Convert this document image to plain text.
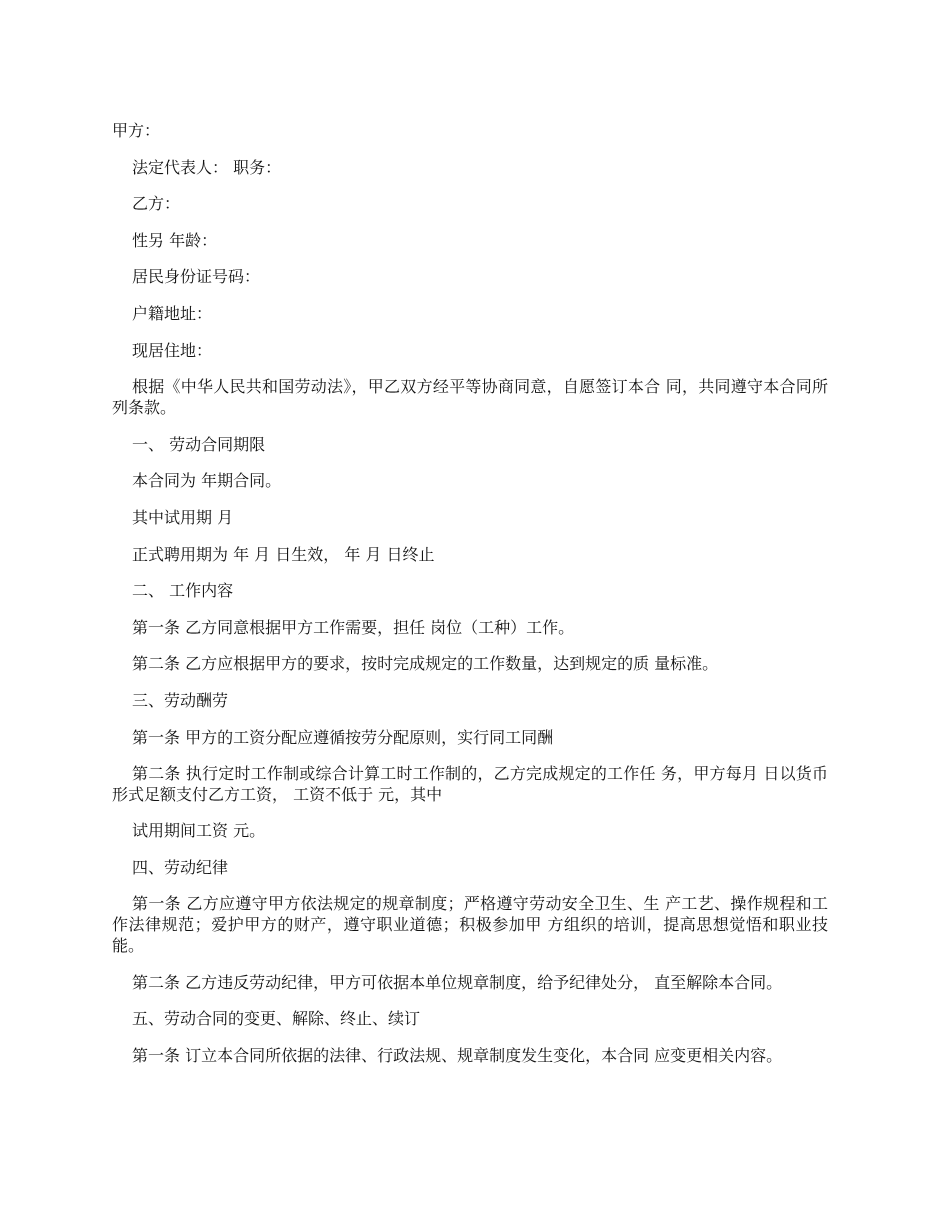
甲方：

法定代表人： 职务：

乙方：

性另 年龄：

居民身份证号码：

户籍地址：

现居住地：

根据《中华人民共和国劳动法》，甲乙双方经平等协商同意，自愿签订本合 同，共同遵守本合同所列条款。

一、 劳动合同期限

本合同为 年期合同。

其中试用期 月

正式聘用期为 年 月 日生效， 年 月 日终止

二、 工作内容

第一条 乙方同意根据甲方工作需要，担任 岗位（工种）工作。

第二条 乙方应根据甲方的要求，按时完成规定的工作数量，达到规定的质 量标准。

三、劳动酬劳

第一条 甲方的工资分配应遵循按劳分配原则，实行同工同酬

第二条 执行定时工作制或综合计算工时工作制的，乙方完成规定的工作任 务，甲方每月 日以货币形式足额支付乙方工资， 工资不低于 元，其中

试用期间工资 元。

四、劳动纪律

第一条 乙方应遵守甲方依法规定的规章制度；严格遵守劳动安全卫生、生 产工艺、操作规程和工作法律规范；爱护甲方的财产，遵守职业道德；积极参加甲 方组织的培训，提高思想觉悟和职业技能。

第二条 乙方违反劳动纪律，甲方可依据本单位规章制度，给予纪律处分， 直至解除本合同。

五、劳动合同的变更、解除、终止、续订

第一条 订立本合同所依据的法律、行政法规、规章制度发生变化，本合同 应变更相关内容。
